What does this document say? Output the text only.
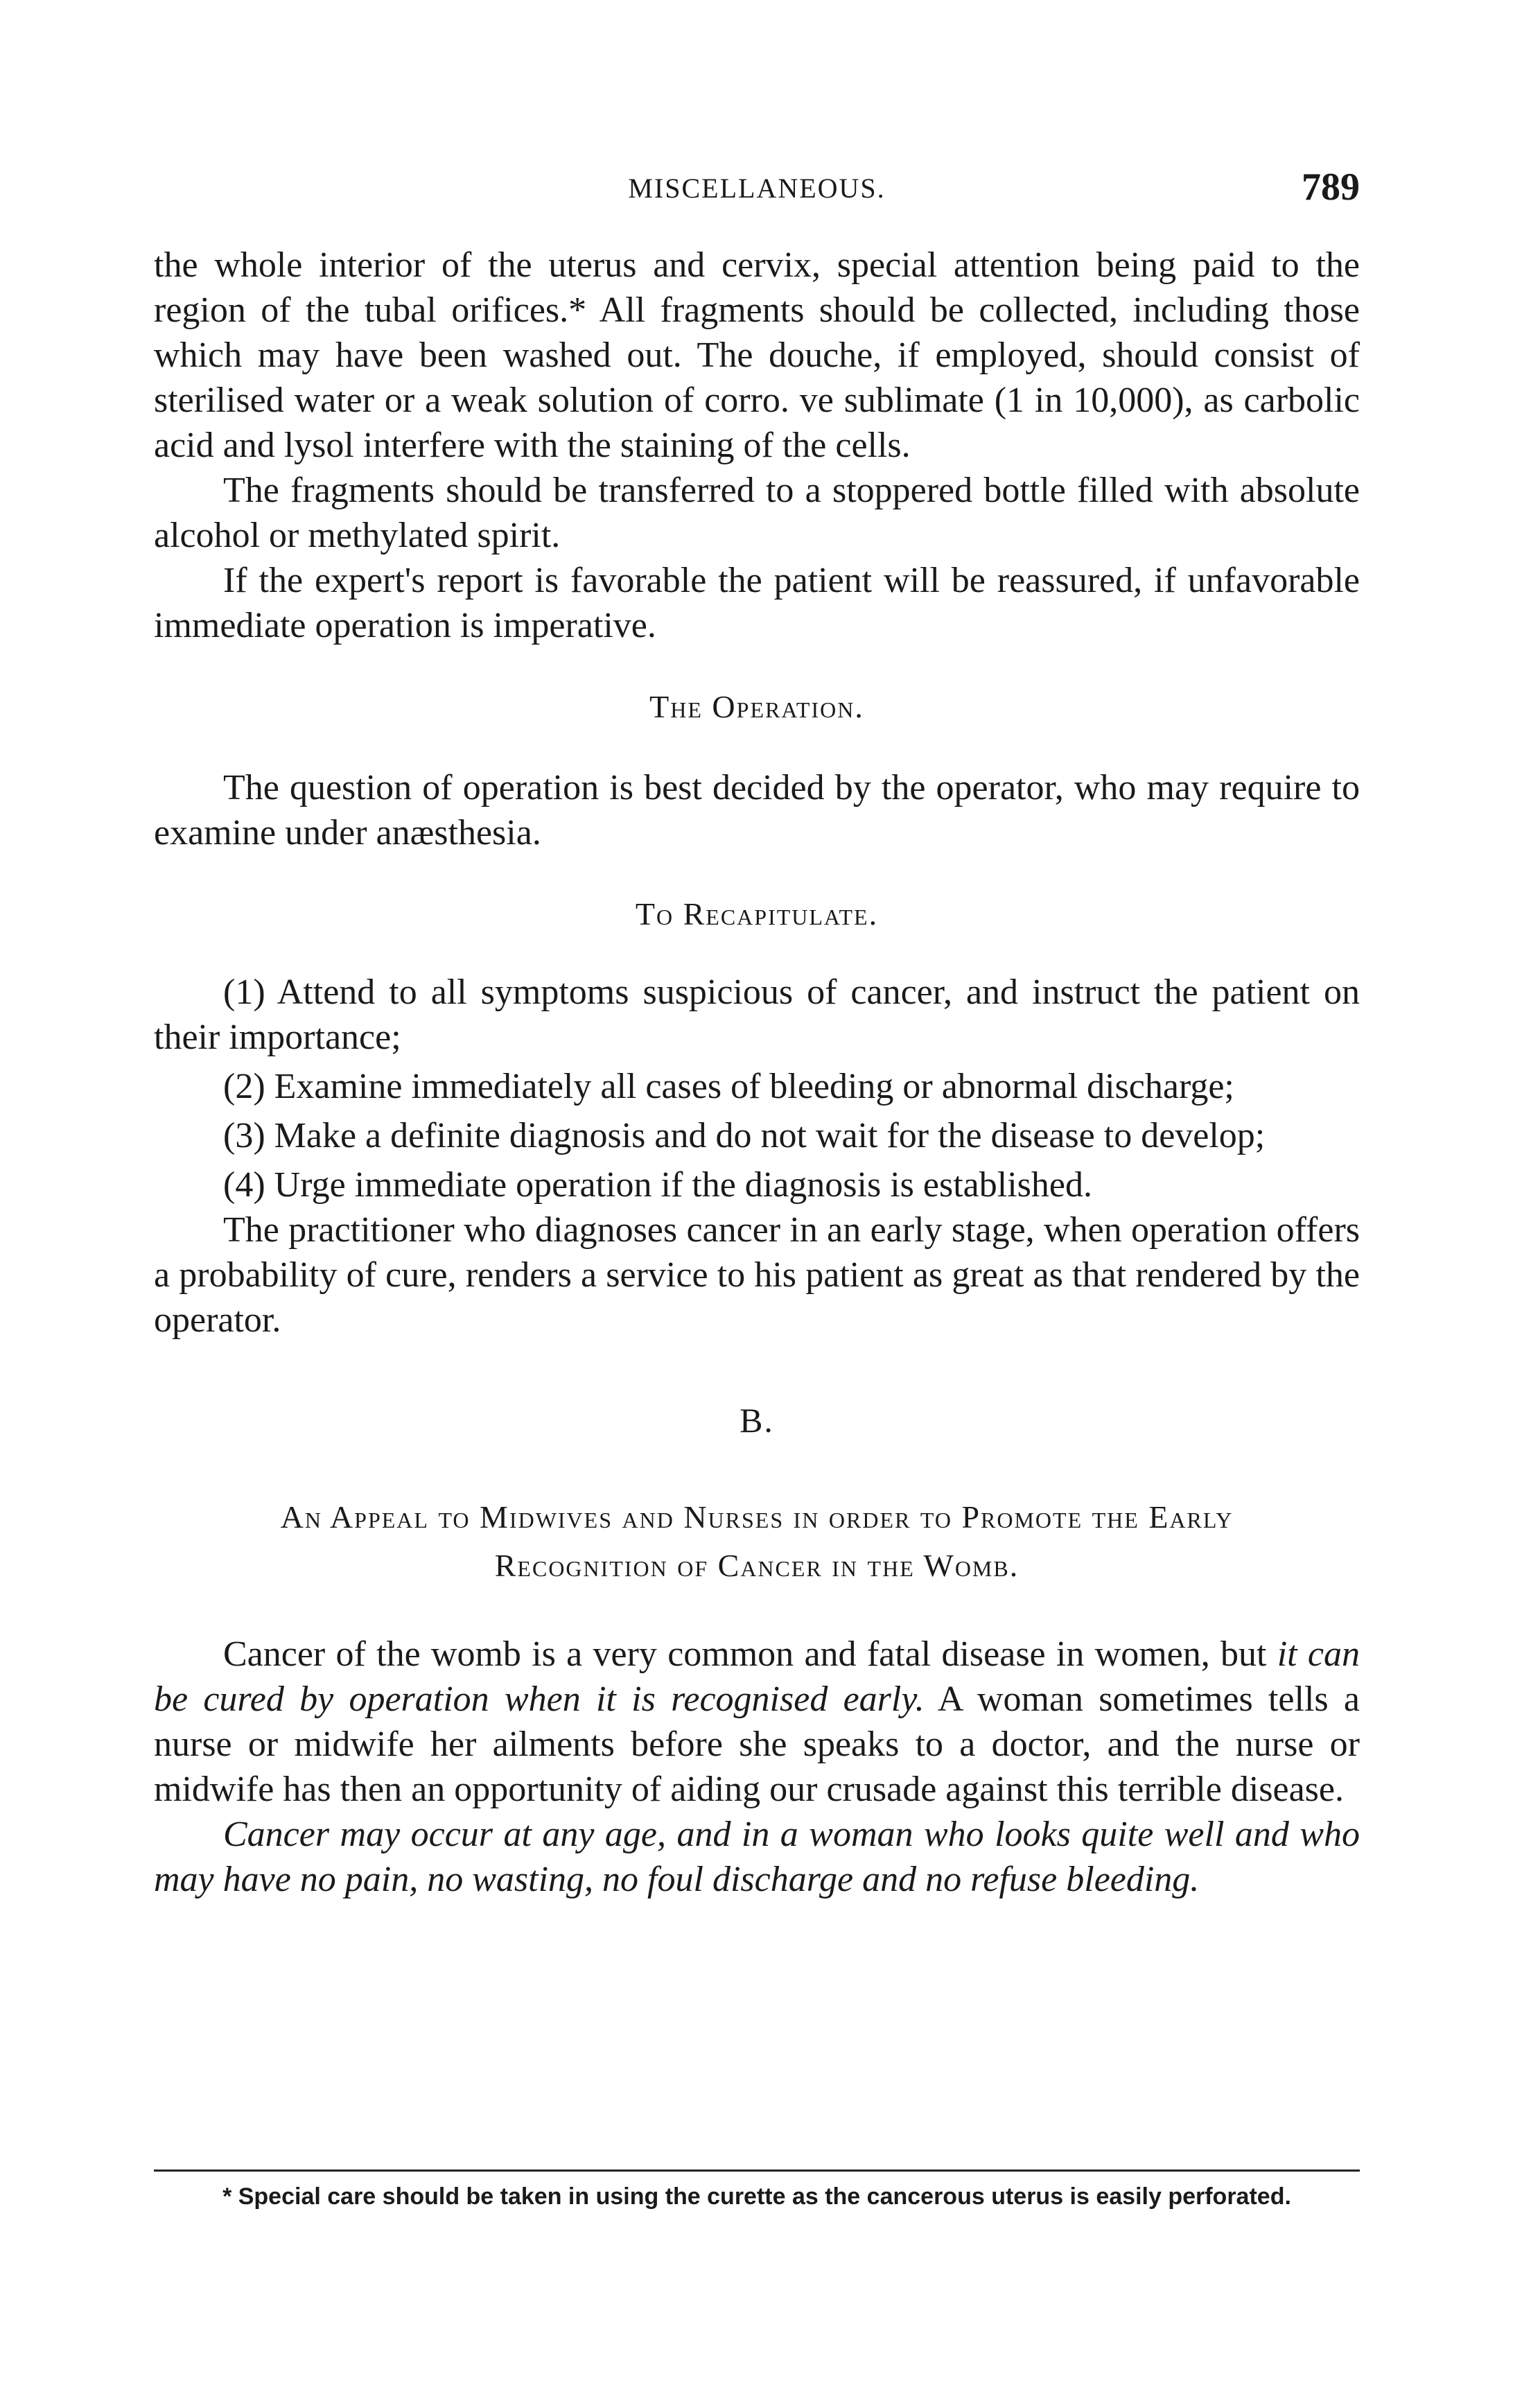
MISCELLANEOUS.	789

the whole interior of the uterus and cervix, special attention being paid to the region of the tubal orifices.* All fragments should be collected, including those which may have been washed out. The douche, if employed, should consist of sterilised water or a weak solution of corro. ve sublimate (1 in 10,000), as carbolic acid and lysol interfere with the staining of the cells.

The fragments should be transferred to a stoppered bottle filled with absolute alcohol or methylated spirit.

If the expert's report is favorable the patient will be reassured, if unfavorable immediate operation is imperative.

The Operation.

The question of operation is best decided by the operator, who may require to examine under anæsthesia.

To Recapitulate.

(1) Attend to all symptoms suspicious of cancer, and instruct the patient on their importance;

(2) Examine immediately all cases of bleeding or abnormal discharge;

(3) Make a definite diagnosis and do not wait for the disease to develop;

(4) Urge immediate operation if the diagnosis is established.

The practitioner who diagnoses cancer in an early stage, when operation offers a probability of cure, renders a service to his patient as great as that rendered by the operator.

B.
An Appeal to Midwives and Nurses in order to Promote the Early
Recognition of Cancer in the Womb.

Cancer of the womb is a very common and fatal disease in women, but it can be cured by operation when it is recognised early. A woman sometimes tells a nurse or midwife her ailments before she speaks to a doctor, and the nurse or midwife has then an opportunity of aiding our crusade against this terrible disease.

Cancer may occur at any age, and in a woman who looks quite well and who may have no pain, no wasting, no foul discharge and no refuse bleeding.

* Special care should be taken in using the curette as the cancerous uterus is easily perforated.
